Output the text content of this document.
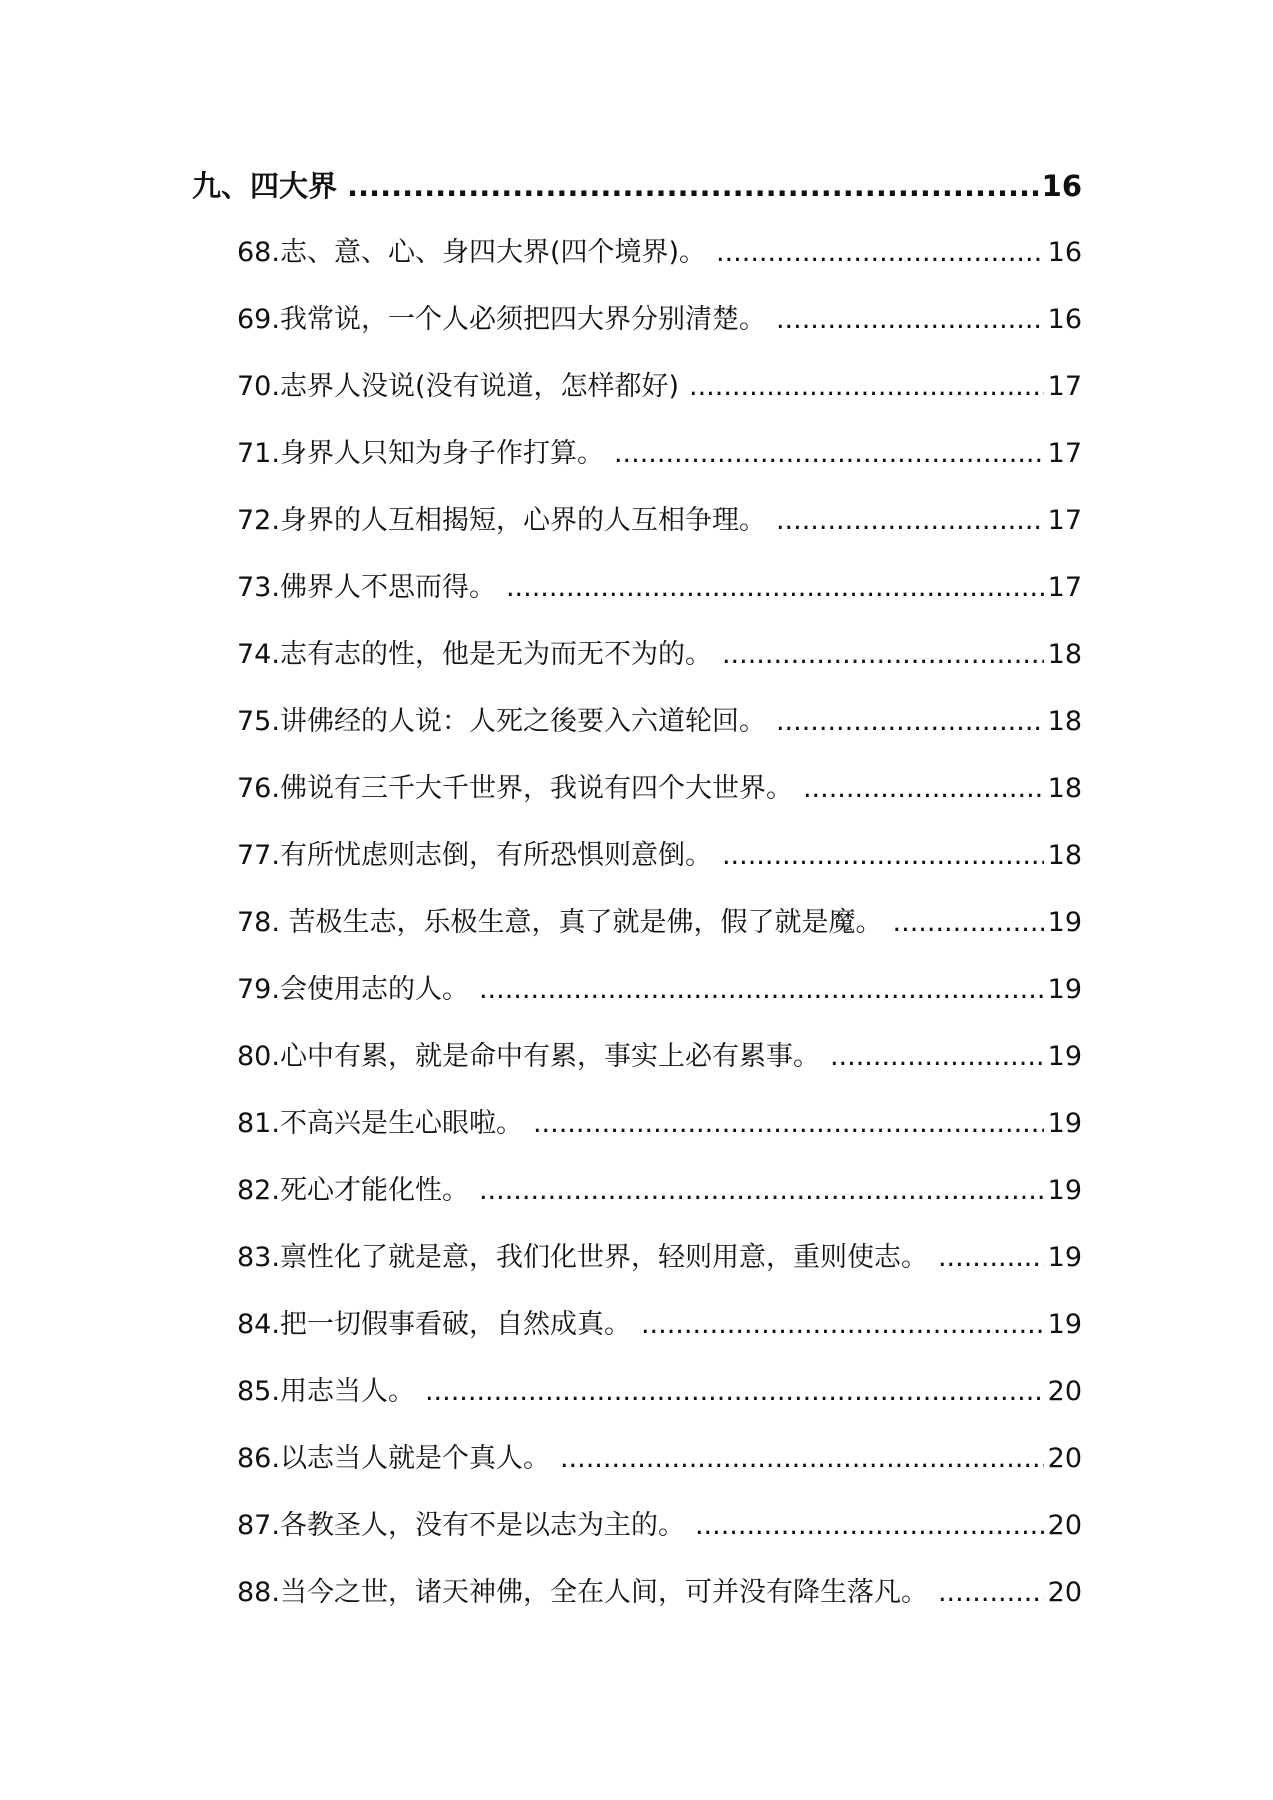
九、四大界 .....	16
68.志、意、心、身四大界(四个境界)。 .....	16
69.我常说，一个人必须把四大界分别清楚。 .....	16
70.志界人没说(没有说道，怎样都好) .....	17
71.身界人只知为身子作打算。 .....	17
72.身界的人互相揭短，心界的人互相争理。 .....	17
73.佛界人不思而得。 .....	17
74.志有志的性，他是无为而无不为的。 .....	18
75.讲佛经的人说：人死之後要入六道轮回。 .....	18
76.佛说有三千大千世界，我说有四个大世界。 .....	18
77.有所忧虑则志倒，有所恐惧则意倒。 .....	18
78. 苦极生志，乐极生意，真了就是佛，假了就是魔。 .....	19
79.会使用志的人。 .....	19
80.心中有累，就是命中有累，事实上必有累事。 .....	19
81.不高兴是生心眼啦。 .....	19
82.死心才能化性。 .....	19
83.禀性化了就是意，我们化世界，轻则用意，重则使志。 .....	19
84.把一切假事看破，自然成真。 .....	19
85.用志当人。 .....	20
86.以志当人就是个真人。 .....	20
87.各教圣人，没有不是以志为主的。 .....	20
88.当今之世，诸天神佛，全在人间，可并没有降生落凡。 .....	20
